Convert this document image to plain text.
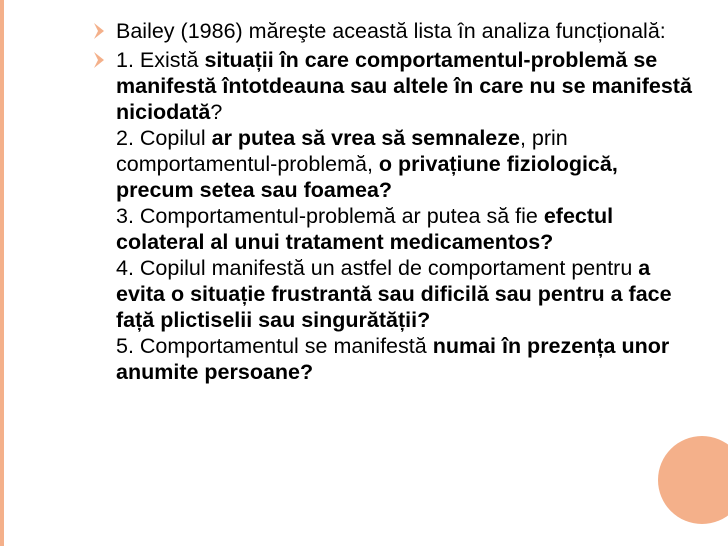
Bailey (1986) măreşte această lista în analiza funcțională:
1. Există situații în care comportamentul-problemă se manifestă întotdeauna sau altele în care nu se manifestă niciodată?
2. Copilul ar putea să vrea să semnaleze, prin comportamentul-problemă, o privațiune fiziologică, precum setea sau foamea?
3. Comportamentul-problemă ar putea să fie efectul colateral al unui tratament medicamentos?
4. Copilul manifestă un astfel de comportament pentru a evita o situație frustrantă sau dificilă sau pentru a face față plictiselii sau singurătății?
5. Comportamentul se manifestă numai în prezența unor anumite persoane?
